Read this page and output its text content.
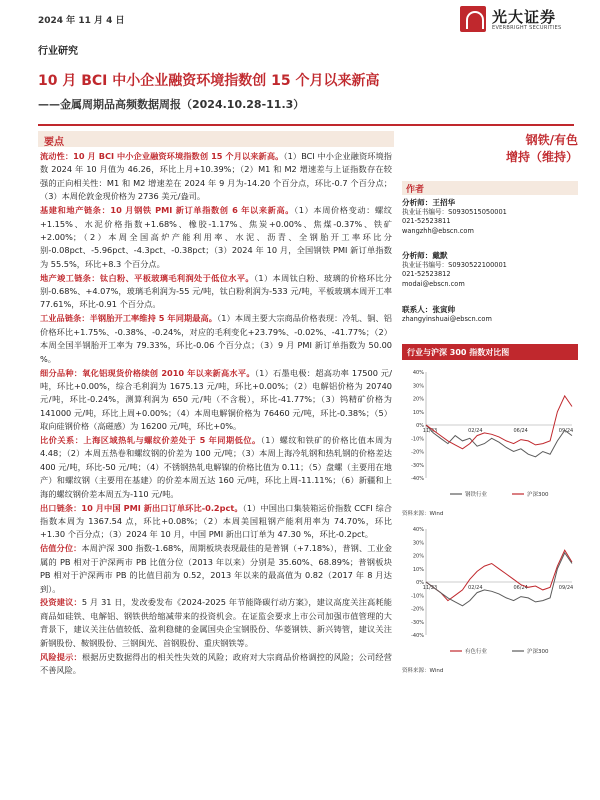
2024 年 11 月 4 日	光大证券
EVERBRIGHT SECURITIES
行业研究
10 月 BCI 中小企业融资环境指数创 15 个月以来新高
——金属周期品高频数据周报（2024.10.28-11.3）
要点

流动性：10 月 BCI 中小企业融资环境指数创 15 个月以来新高。（1）BCI 中小企业融资环境指数 2024 年 10 月值为 46.26，环比上月+10.39%；（2）M1 和 M2 增速差与上证指数存在较强的正向相关性：M1 和 M2 增速差在 2024 年 9 月为-14.20 个百分点，环比-0.7 个百分点；（3）本周伦敦金现价格为 2736 美元/盎司。

基建和地产链条：10 月钢铁 PMI 新订单指数创 6 年以来新高。（1）本周价格变动：螺纹+1.15%、水泥价格指数+1.68%、橡胶-1.17%、焦炭+0.00%、焦煤-0.37%、铁矿+2.00%；（2）本周全国高炉产能利用率、水泥、沥青、全钢胎开工率环比分别-0.08pct、-5.96pct、-4.3pct、-0.38pct；（3）2024 年 10 月，全国钢铁 PMI 新订单指数为 55.5%，环比+8.3 个百分点。

地产竣工链条：钛白粉、平板玻璃毛利润处于低位水平。（1）本周钛白粉、玻璃的价格环比分别-0.68%、+4.07%，玻璃毛利润为-55 元/吨，钛白粉利润为-533 元/吨，平板玻璃本周开工率 77.61%，环比-0.91 个百分点。

工业品链条：半钢胎开工率维持 5 年同期最高。（1）本周主要大宗商品价格表现：冷轧、铜、铝价格环比+1.75%、-0.38%、-0.24%，对应的毛利变化+23.79%、-0.02%、-41.77%；（2）本周全国半钢胎开工率为 79.33%，环比-0.06 个百分点；（3）9 月 PMI 新订单指数为 50.00 %。

细分品种：氧化铝现货价格续创 2010 年以来新高水平。（1）石墨电极：超高功率 17500 元/吨，环比+0.00%，综合毛利润为 1675.13 元/吨，环比+0.00%；（2）电解铝价格为 20740 元/吨，环比-0.24%，测算利润为 650 元/吨（不含税），环比-41.77%；（3）钨精矿价格为 141000 元/吨，环比上周+0.00%；（4）本周电解铜价格为 76460 元/吨，环比-0.38%；（5）取向硅钢价格（高磁感）为 16200 元/吨，环比+0%。

比价关系：上海区域热轧与螺纹价差处于 5 年同期低位。（1）螺纹和铁矿的价格比值本周为 4.48；（2）本周五热卷和螺纹钢的价差为 100 元/吨；（3）本周上海冷轧钢和热轧钢的价格差达 400 元/吨，环比-50 元/吨；（4）不锈钢热轧电解镍的价格比值为 0.11；（5）盘螺（主要用在地产）和螺纹钢（主要用在基建）的价差本周五达 160 元/吨，环比上周-11.11%；（6）新疆和上海的螺纹钢价差本周五为-110 元/吨。

出口链条：10 月中国 PMI 新出口订单环比-0.2pct。（1）中国出口集装箱运价指数 CCFI 综合指数本周为 1367.54 点，环比+0.08%；（2）本周美国粗钢产能利用率为 74.70%，环比+1.30 个百分点；（3）2024 年 10 月，中国 PMI 新出口订单为 47.30 %，环比-0.2pct。

估值分位：本周沪深 300 指数-1.68%，周期板块表现最佳的是普钢（+7.18%），普钢、工业金属的 PB 相对于沪深两市 PB 比值分位（2013 年以来）分别是 35.60%、68.89%；普钢板块 PB 相对于沪深两市 PB 的比值目前为 0.52，2013 年以来的最高值为 0.82（2017 年 8 月达到）。

投资建议：5 月 31 日，发改委发布《2024-2025 年节能降碳行动方案》，建议高度关注高耗能商品如硅铁、电解铝、钢铁供给缩减带来的投资机会。在证监会要求上市公司加强市值管理的大背景下，建议关注估值较低、盈利稳健的金属国央企宝钢股份、华菱钢铁、新兴铸管，建议关注新钢股份、鞍钢股份、三钢闽光、首钢股份、重庆钢铁等。

风险提示：根据历史数据得出的相关性失效的风险；政府对大宗商品价格调控的风险；公司经营不善风险。

钢铁/有色
增持（维持）
作者
分析师：王招华
执业证书编号：S0930515050001
021-52523811
wangzhh@ebscn.com
分析师：戴默
执业证书编号：S0930522100001
021-52523812
modai@ebscn.com
联系人：张寅帅
zhangyinshuai@ebscn.com
行业与沪深 300 指数对比图
40%
30%
20%
10%
0%
-10%
-20%
-30%
-40%
11/23	02/24	06/24	09/24
钢铁行业	沪深300
资料来源：Wind
40%
30%
20%
10%
0%
-10%
-20%
-30%
-40%
11/23	02/24	06/24	09/24
有色行业	沪深300
资料来源：Wind
